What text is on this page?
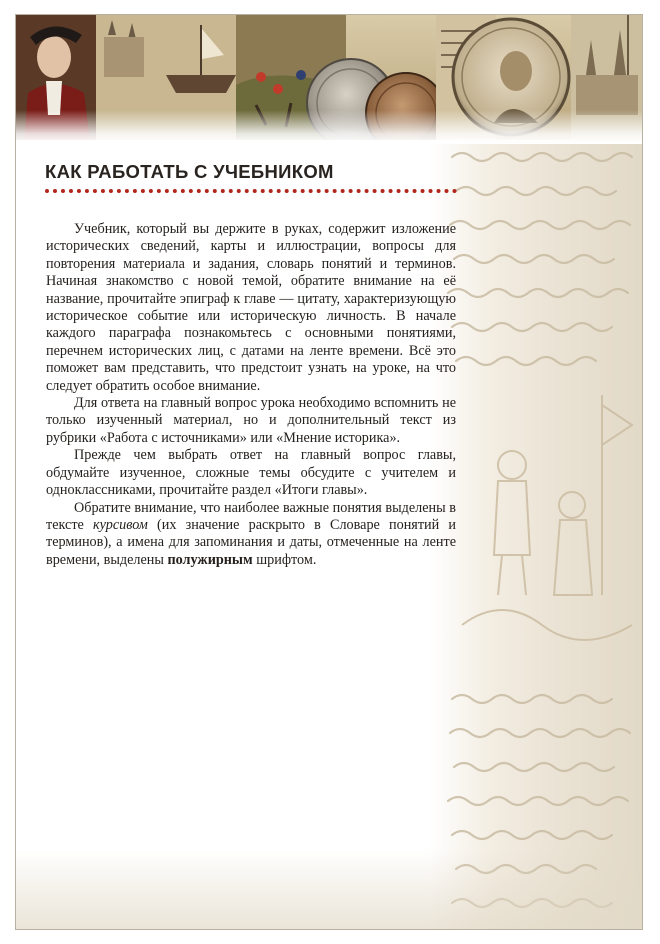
КАК РАБОТАТЬ С УЧЕБНИКОМ

Учебник, который вы держите в руках, содержит изложение исторических сведений, карты и иллюстрации, вопросы для повторения материала и задания, словарь понятий и терминов. Начиная знакомство с новой темой, обратите внимание на её название, прочитайте эпиграф к главе — цитату, характеризующую историческое событие или историческую личность. В начале каждого параграфа познакомьтесь с основными понятиями, перечнем исторических лиц, с датами на ленте времени. Всё это поможет вам представить, что предстоит узнать на уроке, на что следует обратить особое внимание.

Для ответа на главный вопрос урока необходимо вспомнить не только изученный материал, но и дополнительный текст из рубрики «Работа с источниками» или «Мнение историка».

Прежде чем выбрать ответ на главный вопрос главы, обдумайте изученное, сложные темы обсудите с учителем и одноклассниками, прочитайте раздел «Итоги главы».

Обратите внимание, что наиболее важные понятия выделены в тексте курсивом (их значение раскрыто в Словаре понятий и терминов), а имена для запоминания и даты, отмеченные на ленте времени, выделены полужирным шрифтом.
